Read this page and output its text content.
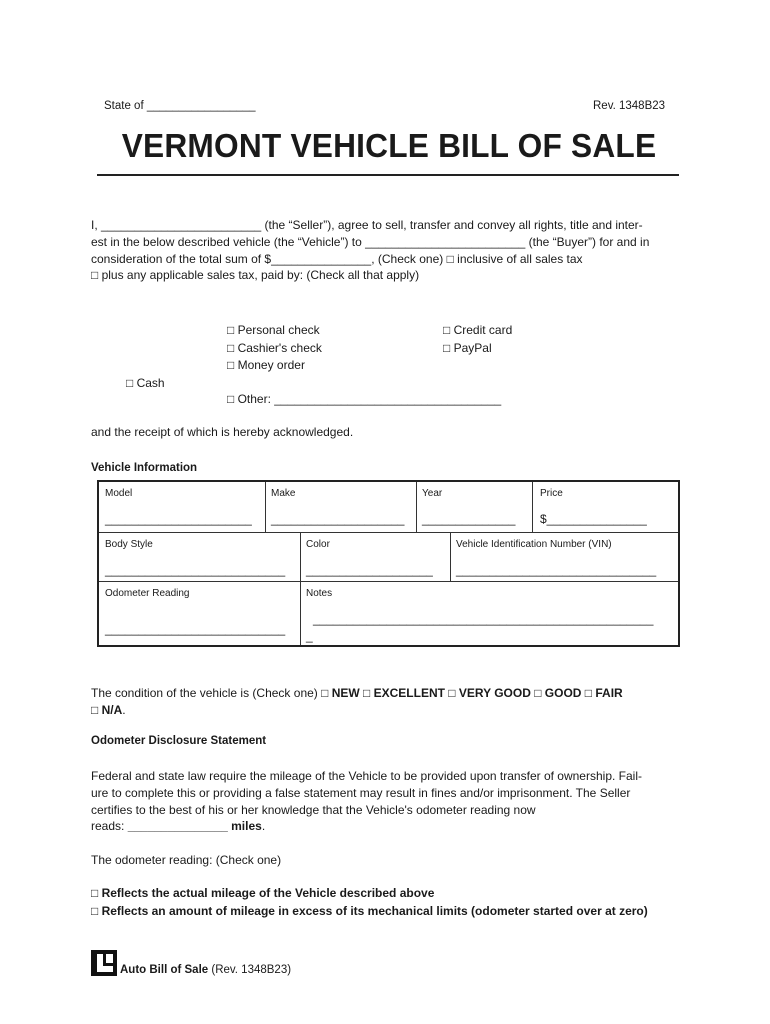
State of _________________	Rev. 1348B23
VERMONT VEHICLE BILL OF SALE
I, ________________________ (the “Seller”), agree to sell, transfer and convey all rights, title and inter-
est in the below described vehicle (the “Vehicle”) to ________________________ (the “Buyer”) for and in
consideration of the total sum of $_______________, (Check one) □ inclusive of all sales tax
□ plus any applicable sales tax, paid by: (Check all that apply)
□ Personal check
□ Cashier's check
□ Money order
□ Credit card
□ PayPal
□ Cash
□ Other: __________________________________
and the receipt of which is hereby acknowledged.
Vehicle Information
Model
______________________
Make
____________________
Year
______________
Price
$_______________
Body Style
___________________________
Color
___________________
Vehicle Identification Number (VIN)
______________________________
Odometer Reading
___________________________
Notes
___________________________________________________
_
The condition of the vehicle is (Check one) □ NEW □ EXCELLENT □ VERY GOOD □ GOOD □ FAIR
□ N/A.
Odometer Disclosure Statement
Federal and state law require the mileage of the Vehicle to be provided upon transfer of ownership. Fail-
ure to complete this or providing a false statement may result in fines and/or imprisonment. The Seller
certifies to the best of his or her knowledge that the Vehicle's odometer reading now
reads: _______________ miles.
The odometer reading: (Check one)
□ Reflects the actual mileage of the Vehicle described above
□ Reflects an amount of mileage in excess of its mechanical limits (odometer started over at zero)
Auto Bill of Sale (Rev. 1348B23)
